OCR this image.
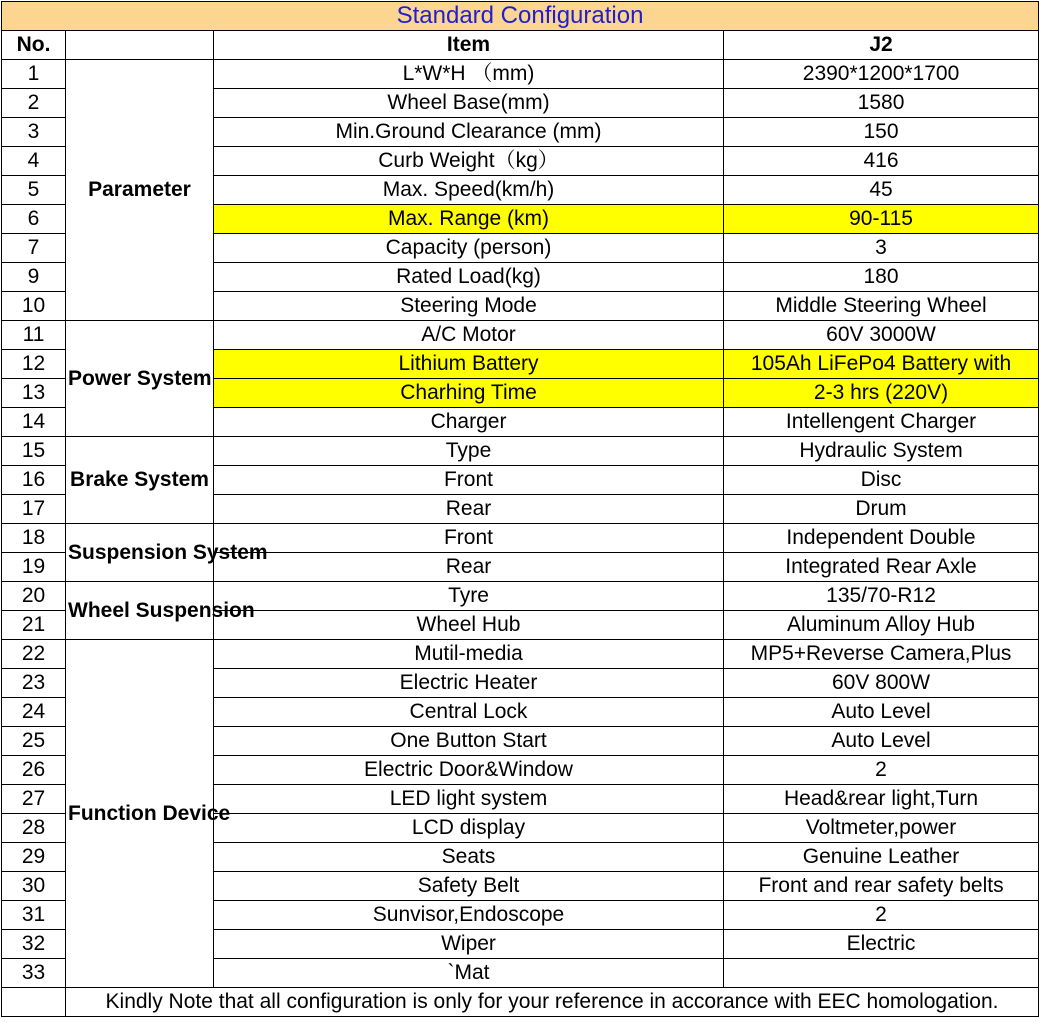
Standard Configuration			
No.		Item	J2
1	Parameter	L*W*H （mm)	2390*1200*1700
2		Wheel Base(mm)	1580
3		Min.Ground Clearance (mm)	150
4		Curb Weight（kg）	416
5		Max. Speed(km/h)	45
6		Max. Range (km)	90-115
7		Capacity (person)	3
9		Rated Load(kg)	180
10		Steering Mode	Middle Steering Wheel
11	Power System	A/C Motor	60V 3000W
12		Lithium Battery	105Ah LiFePo4 Battery with
13		Charhing Time	2-3 hrs (220V)
14		Charger	Intellengent Charger
15	Brake System	Type	Hydraulic System
16		Front	Disc
17		Rear	Drum
18	Suspension System	Front	Independent Double
19		Rear	Integrated Rear Axle
20	Wheel Suspension	Tyre	135/70-R12
21		Wheel Hub	Aluminum Alloy Hub
22	Function Device	Mutil-media	MP5+Reverse Camera,Plus
23		Electric Heater	60V 800W
24		Central Lock	Auto Level
25		One Button Start	Auto Level
26		Electric Door&Window	2
27		LED light system	Head&rear light,Turn
28		LCD display	Voltmeter,power
29		Seats	Genuine Leather
30		Safety Belt	Front and rear safety belts
31		Sunvisor,Endoscope	2
32		Wiper	Electric
33		`Mat	
	Kindly Note that all configuration is only for your reference in accorance with EEC homologation.		
